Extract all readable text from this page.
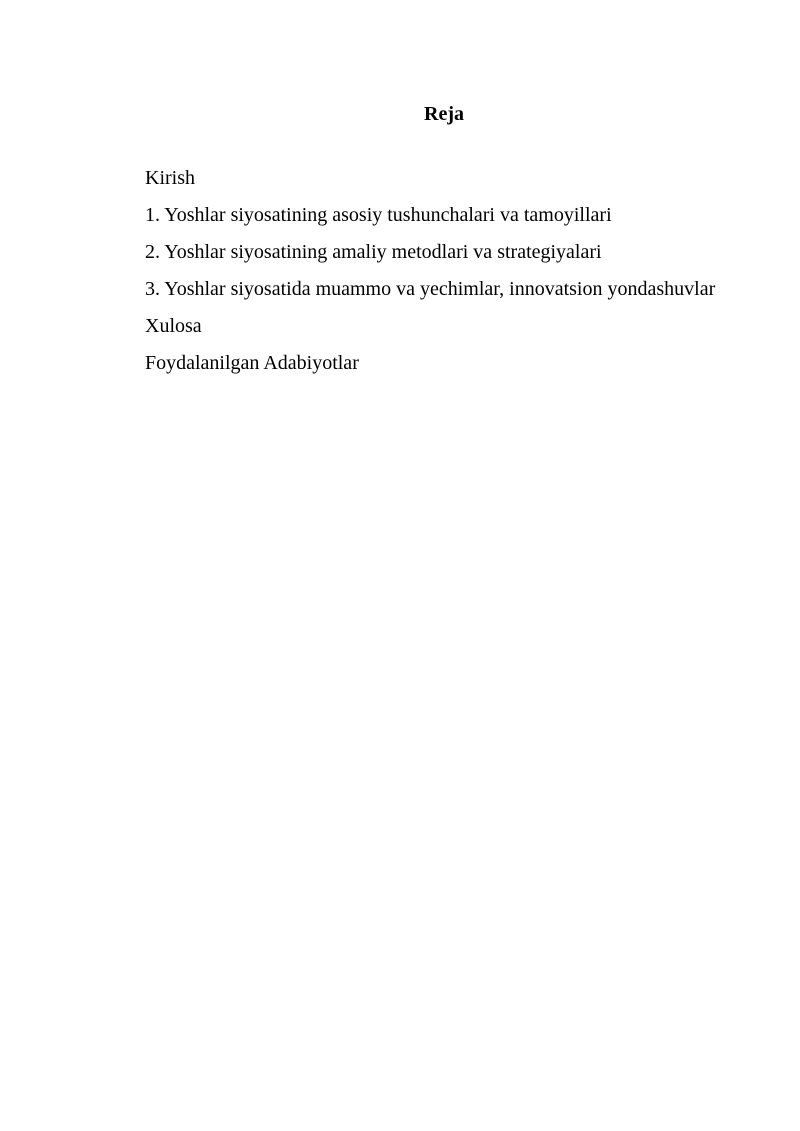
Reja

Kirish

1. Yoshlar siyosatining asosiy tushunchalari va tamoyillari

2. Yoshlar siyosatining amaliy metodlari va strategiyalari

3. Yoshlar siyosatida muammo va yechimlar, innovatsion yondashuvlar

Xulosa

Foydalanilgan Adabiyotlar
